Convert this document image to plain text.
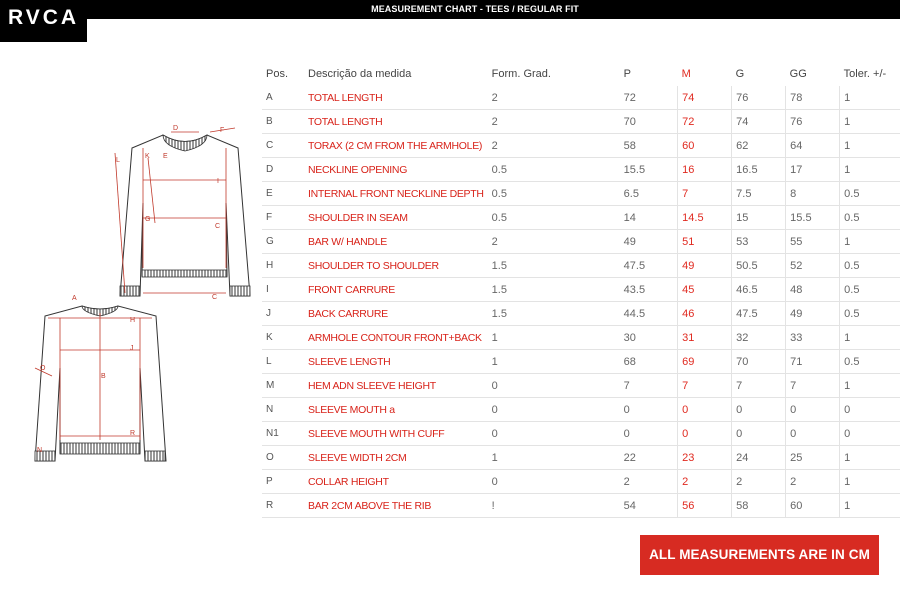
MEASUREMENT CHART - TEES / REGULAR FIT
RVCA
D	F
L
K E
I
C
G
C
A
H
J
O
B
N
R
Pos.	Descrição da medida	Form. Grad.	P	M	G	GG	Toler. +/-
A	TOTAL LENGTH	2	72	74	76	78	1
B	TOTAL LENGTH	2	70	72	74	76	1
C	TORAX (2 CM FROM THE ARMHOLE)	2	58	60	62	64	1
D	NECKLINE OPENING	0.5	15.5	16	16.5	17	1
E	INTERNAL FRONT NECKLINE DEPTH	0.5	6.5	7	7.5	8	0.5
F	SHOULDER IN SEAM	0.5	14	14.5	15	15.5	0.5
G	BAR W/ HANDLE	2	49	51	53	55	1
H	SHOULDER TO SHOULDER	1.5	47.5	49	50.5	52	0.5
I	FRONT CARRURE	1.5	43.5	45	46.5	48	0.5
J	BACK CARRURE	1.5	44.5	46	47.5	49	0.5
K	ARMHOLE CONTOUR FRONT+BACK	1	30	31	32	33	1
L	SLEEVE LENGTH	1	68	69	70	71	0.5
M	HEM ADN SLEEVE HEIGHT	0	7	7	7	7	1
N	SLEEVE MOUTH a	0	0	0	0	0	0
N1	SLEEVE MOUTH WITH CUFF	0	0	0	0	0	0
O	SLEEVE WIDTH 2CM	1	22	23	24	25	1
P	COLLAR HEIGHT	0	2	2	2	2	1
R	BAR 2CM ABOVE THE RIB	!	54	56	58	60	1
ALL MEASUREMENTS ARE IN CM
